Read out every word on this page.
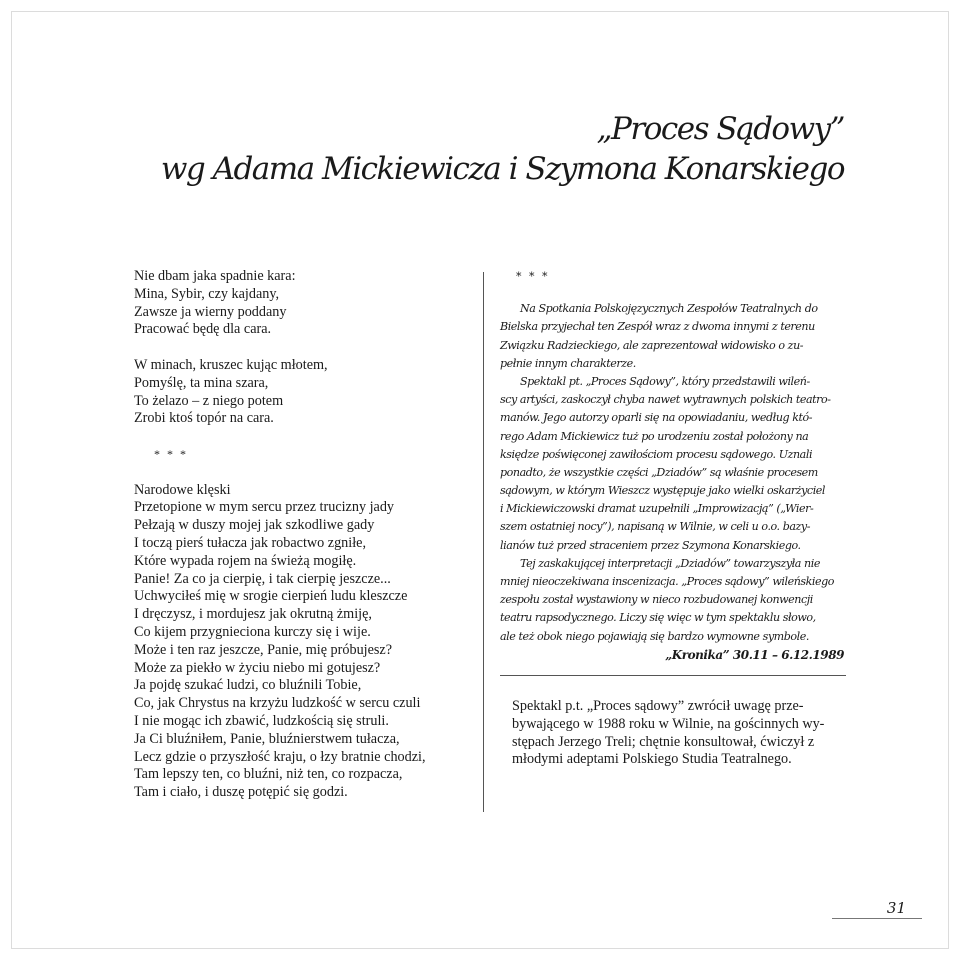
„Proces Sądowy”
wg Adama Mickiewicza i Szymona Konarskiego
Nie dbam jaka spadnie kara:
Mina, Sybir, czy kajdany,
Zawsze ja wierny poddany
Pracować będę dla cara.
W minach, kruszec kując młotem,
Pomyślę, ta mina szara,
To żelazo – z niego potem
Zrobi ktoś topór na cara.
* * *
Narodowe klęski
Przetopione w mym sercu przez trucizny jady
Pełzają w duszy mojej jak szkodliwe gady
I toczą pierś tułacza jak robactwo zgniłe,
Które wypada rojem na świeżą mogiłę.
Panie! Za co ja cierpię, i tak cierpię jeszcze...
Uchwyciłeś mię w srogie cierpień ludu kleszcze
I dręczysz, i mordujesz jak okrutną żmiję,
Co kijem przygnieciona kurczy się i wije.
Może i ten raz jeszcze, Panie, mię próbujesz?
Może za piekło w życiu niebo mi gotujesz?
Ja pojdę szukać ludzi, co bluźnili Tobie,
Co, jak Chrystus na krzyżu ludzkość w sercu czuli
I nie mogąc ich zbawić, ludzkością się struli.
Ja Ci bluźniłem, Panie, bluźnierstwem tułacza,
Lecz gdzie o przyszłość kraju, o łzy bratnie chodzi,
Tam lepszy ten, co bluźni, niż ten, co rozpacza,
Tam i ciało, i duszę potępić się godzi.
* * *
Na Spotkania Polskojęzycznych Zespołów Teatralnych do
Bielska przyjechał ten Zespół wraz z dwoma innymi z terenu
Związku Radzieckiego, ale zaprezentował widowisko o zu-
pełnie innym charakterze.
Spektakl pt. „Proces Sądowy”, który przedstawili wileń-
scy artyści, zaskoczył chyba nawet wytrawnych polskich teatro-
manów. Jego autorzy oparli się na opowiadaniu, według któ-
rego Adam Mickiewicz tuż po urodzeniu został położony na
księdze poświęconej zawiłościom procesu sądowego. Uznali
ponadto, że wszystkie części „Dziadów” są właśnie procesem
sądowym, w którym Wieszcz występuje jako wielki oskarżyciel
i Mickiewiczowski dramat uzupełnili „Improwizacją” („Wier-
szem ostatniej nocy”), napisaną w Wilnie, w celi u o.o. bazy-
lianów tuż przed straceniem przez Szymona Konarskiego.
Tej zaskakującej interpretacji „Dziadów” towarzyszyła nie
mniej nieoczekiwana inscenizacja. „Proces sądowy” wileńskiego
zespołu został wystawiony w nieco rozbudowanej konwencji
teatru rapsodycznego. Liczy się więc w tym spektaklu słowo,
ale też obok niego pojawiają się bardzo wymowne symbole.
„Kronika” 30.11 – 6.12.1989
Spektakl p.t. „Proces sądowy” zwrócił uwagę prze-
bywającego w 1988 roku w Wilnie, na gościnnych wy-
stępach Jerzego Treli; chętnie konsultował, ćwiczył z
młodymi adeptami Polskiego Studia Teatralnego.
31
